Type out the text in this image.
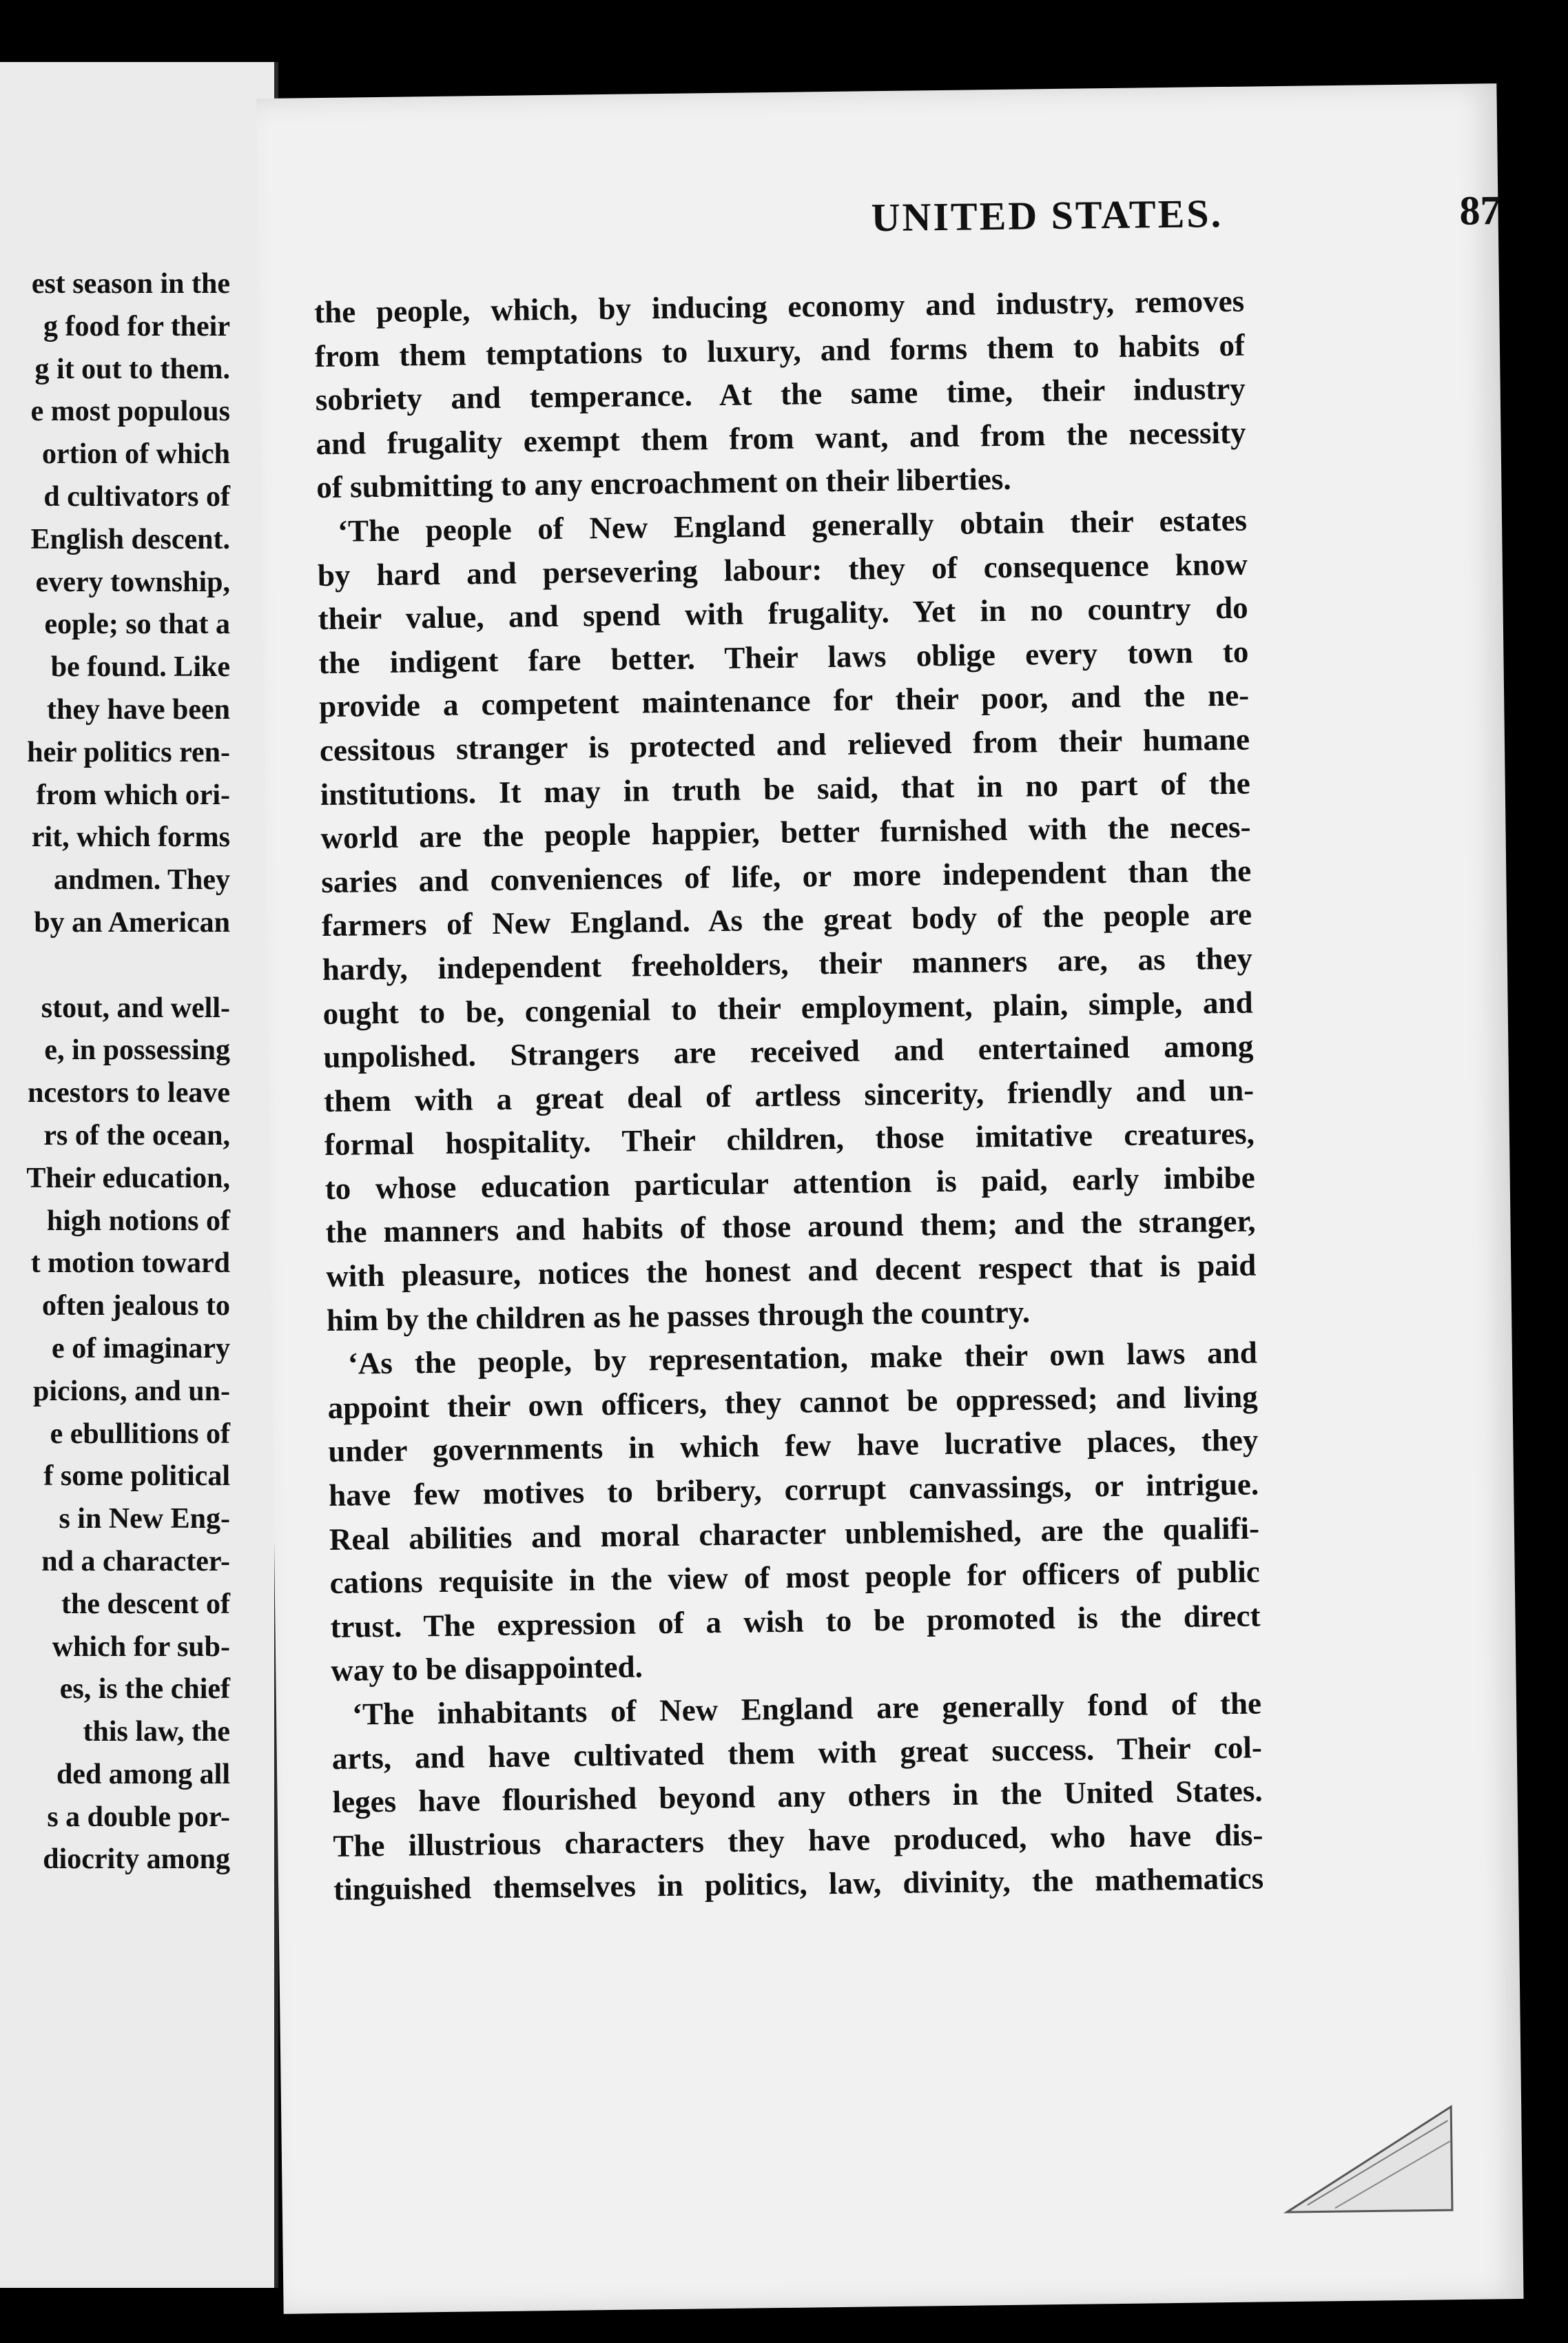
est season in the
g food for their
g it out to them.
e most populous
ortion of which
d cultivators of
English descent.
every township,
eople; so that a
be found. Like
they have been
heir politics ren-
from which ori-
rit, which forms
andmen. They
by an American
stout, and well-
e, in possessing
ncestors to leave
rs of the ocean,
Their education,
high notions of
t motion toward
often jealous to
e of imaginary
picions, and un-
e ebullitions of
f some political
s in New Eng-
nd a character-
the descent of
which for sub-
es, is the chief
this law, the
ded among all
s a double por-
diocrity among
UNITED STATES.	87
the people, which, by inducing economy and industry, removes
from them temptations to luxury, and forms them to habits of
sobriety and temperance. At the same time, their industry
and frugality exempt them from want, and from the necessity
of submitting to any encroachment on their liberties.
‘The people of New England generally obtain their estates
by hard and persevering labour: they of consequence know
their value, and spend with frugality. Yet in no country do
the indigent fare better. Their laws oblige every town to
provide a competent maintenance for their poor, and the ne-
cessitous stranger is protected and relieved from their humane
institutions. It may in truth be said, that in no part of the
world are the people happier, better furnished with the neces-
saries and conveniences of life, or more independent than the
farmers of New England. As the great body of the people are
hardy, independent freeholders, their manners are, as they
ought to be, congenial to their employment, plain, simple, and
unpolished. Strangers are received and entertained among
them with a great deal of artless sincerity, friendly and un-
formal hospitality. Their children, those imitative creatures,
to whose education particular attention is paid, early imbibe
the manners and habits of those around them; and the stranger,
with pleasure, notices the honest and decent respect that is paid
him by the children as he passes through the country.
‘As the people, by representation, make their own laws and
appoint their own officers, they cannot be oppressed; and living
under governments in which few have lucrative places, they
have few motives to bribery, corrupt canvassings, or intrigue.
Real abilities and moral character unblemished, are the qualifi-
cations requisite in the view of most people for officers of public
trust. The expression of a wish to be promoted is the direct
way to be disappointed.
‘The inhabitants of New England are generally fond of the
arts, and have cultivated them with great success. Their col-
leges have flourished beyond any others in the United States.
The illustrious characters they have produced, who have dis-
tinguished themselves in politics, law, divinity, the mathematics
